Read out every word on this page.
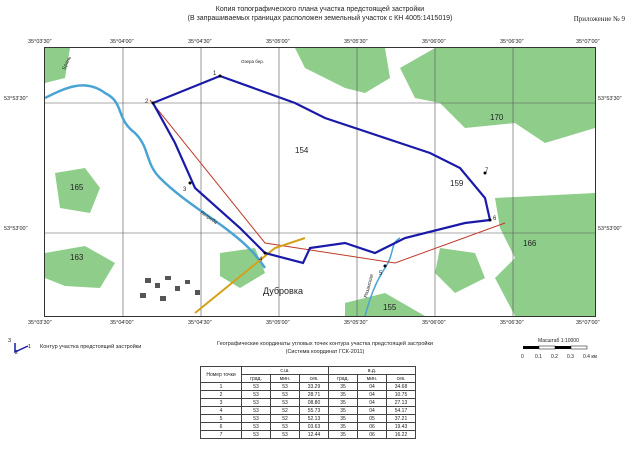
Копия топографического плана участка предстоящей застройки
(В запрашиваемых границах расположен земельный участок с КН 4005:1415019)	Приложение № 9
35°03'30"	35°04'00"	35°04'30"	35°05'00"	35°05'30"	35°06'00"	35°06'30"	35°07'00"
35°03'30"	35°04'00"	35°04'30"	35°05'00"	35°05'30"	35°06'00"	35°06'30"	35°07'00"
53°53'30"
53°53'00"
53°53'30"
53°53'00"
1
2
3
4
5
6
7
154
159
165
163
166
170
155
Дубровка
Озера бер.
Брань
Ястреба
Рязанская
3
2
1 Контур участка предстоящей застройки	Географические координаты угловых точек контура участка предстоящей застройки
(Система координат ГСК-2011)
Масштаб 1:10000
0 0.1 0.2 0.3 0.4 км
Номер точки	с.ш.			в.д.		
	град.	мин.	сек.	град.	мин.	сек.
1	53	53	33.29	35	04	34.68
2	53	53	28.71	35	04	10.75
3	53	53	08.80	35	04	27.13
4	53	52	55.73	35	04	54.17
5	53	52	52.13	35	05	37.21
6	53	53	03.63	35	06	19.43
7	53	53	12.44	35	06	16.22
